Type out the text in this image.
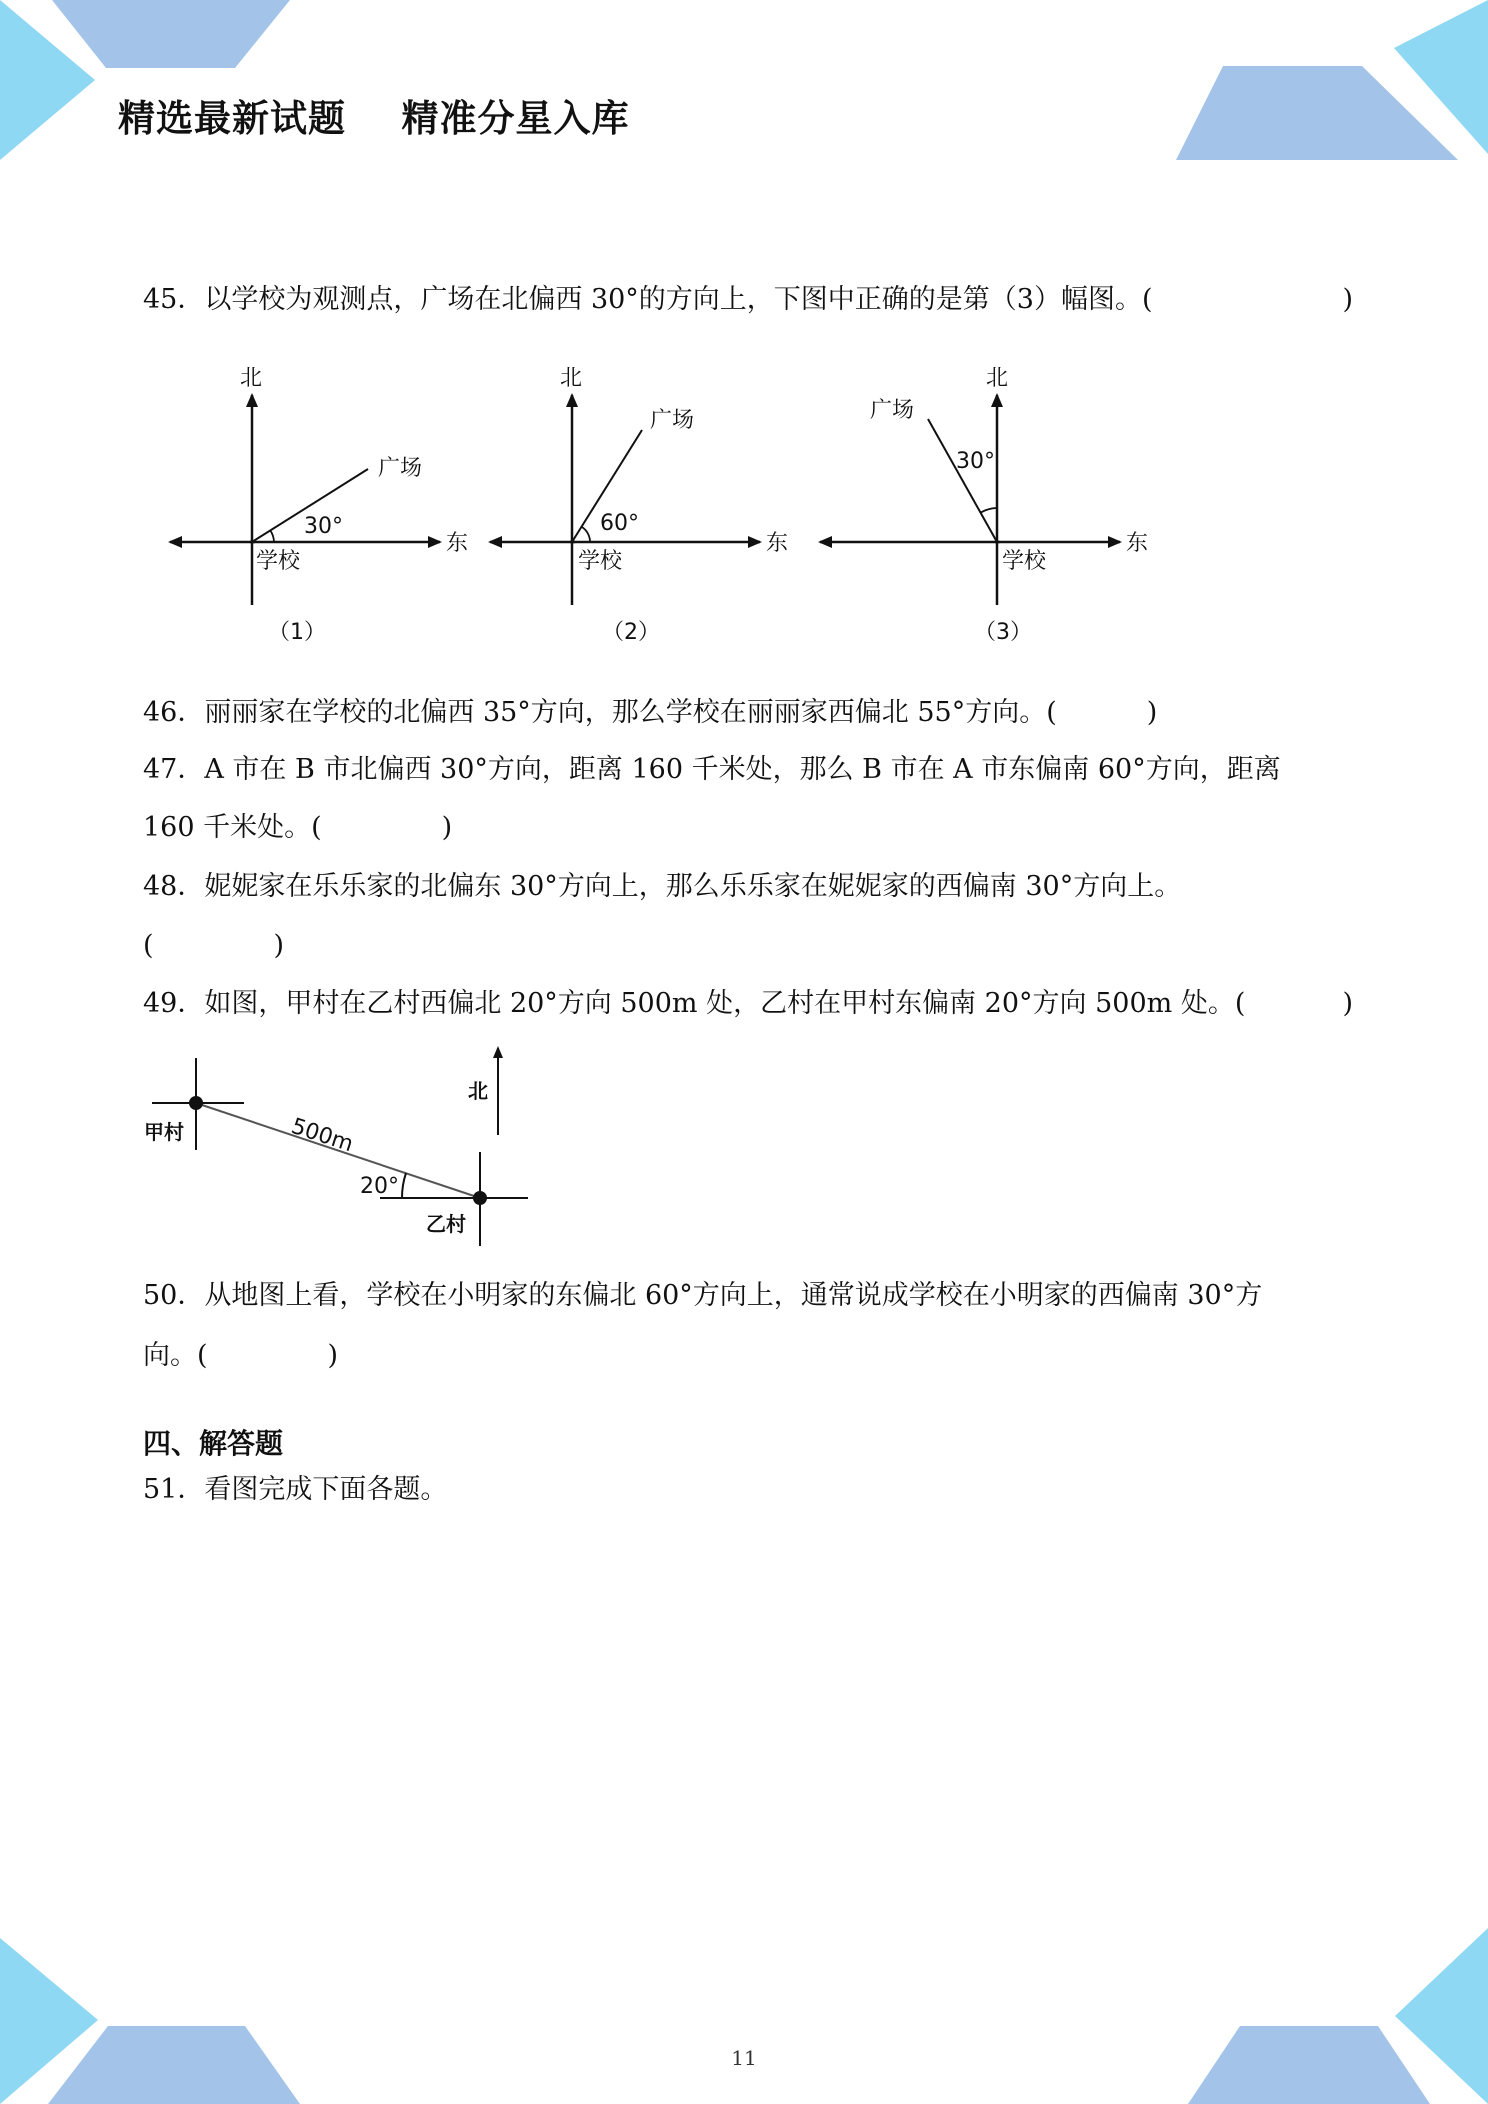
精选最新试题    精准分星入库
45．以学校为观测点，广场在北偏西 30°的方向上，下图中正确的是第（3）幅图。(	)
北
东
学校
广场
30°
（1）
北
东
学校
60°
广场
（2）
北
东
学校
广场
30°
（3）
46．丽丽家在学校的北偏西 35°方向，那么学校在丽丽家西偏北 55°方向。(	)
47．A 市在 B 市北偏西 30°方向，距离 160 千米处，那么 B 市在 A 市东偏南 60°方向，距离
160 千米处。(	)
48．妮妮家在乐乐家的北偏东 30°方向上，那么乐乐家在妮妮家的西偏南 30°方向上。
(	)
49．如图，甲村在乙村西偏北 20°方向 500m 处，乙村在甲村东偏南 20°方向 500m 处。(	)
甲村
乙村
北
500m
20°
50．从地图上看，学校在小明家的东偏北 60°方向上，通常说成学校在小明家的西偏南 30°方
向。(	)
四、解答题
51．看图完成下面各题。
11
